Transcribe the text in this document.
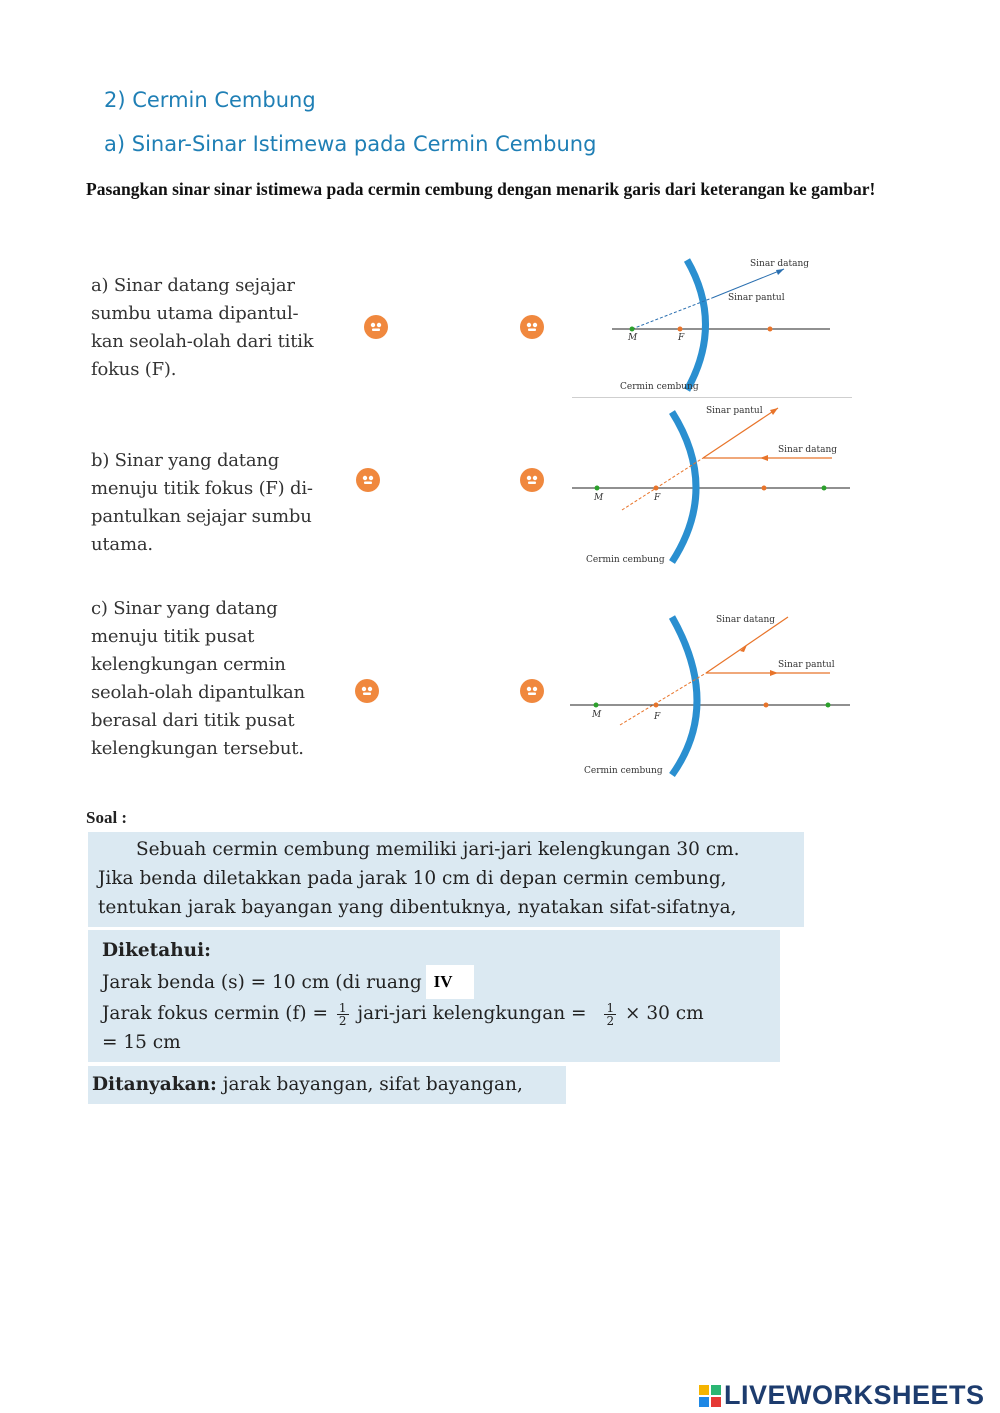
2) Cermin Cembung
a) Sinar-Sinar Istimewa pada Cermin Cembung
Pasangkan sinar sinar istimewa pada cermin cembung dengan menarik garis dari keterangan ke gambar!
a) Sinar datang sejajar
sumbu utama dipantul-
kan seolah-olah dari titik
fokus (F).
b) Sinar yang datang
menuju titik fokus (F) di-
pantulkan sejajar sumbu
utama.
c) Sinar yang datang
menuju titik pusat
kelengkungan cermin
seolah-olah dipantulkan
berasal dari titik pusat
kelengkungan tersebut.
Sinar datang
Sinar pantul
Cermin cembung
M	F
Sinar pantul
Sinar datang
Cermin cembung
M	F
Sinar datang
Sinar pantul
Cermin cembung
M	F
Soal :
Sebuah cermin cembung memiliki jari-jari kelengkungan 30 cm.
Jika benda diletakkan pada jarak 10 cm di depan cermin cembung,
tentukan jarak bayangan yang dibentuknya, nyatakan sifat-sifatnya,
Diketahui:
Jarak benda (s) = 10 cm (di ruang
IV
Jarak fokus cermin $(f) = \frac{1}{2}$ jari-jari kelengkungan = $\frac{1}{2} \times 30$ cm
= 15 cm
Ditanyakan: jarak bayangan, sifat bayangan,
LIVEWORKSHEETS
